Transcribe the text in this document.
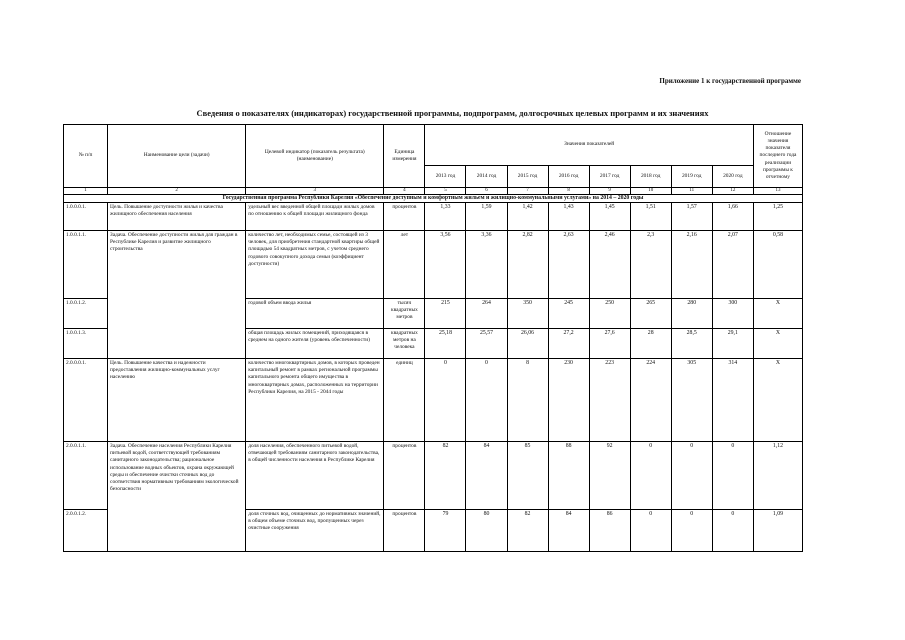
Приложение 1 к государственной программе
Сведения о показателях (индикаторах) государственной программы, подпрограмм, долгосрочных целевых программ и их значениях
№ п/п	Наименование цели (задачи)	Целевой индикатор (показатель результата) (наименование)	Единица измерения	Значения показателей								Отношение значения показателя последнего года реализации программы к отчетному
				2013 год	2014 год	2015 год	2016 год	2017 год	2018 год	2019 год	2020 год	
1	2	3	4	5	6	7	8	9	10	11	12	13
Государственная программа Республики Карелия «Обеспечение доступным и комфортным жильем и жилищно-коммунальными услугами» на 2014 – 2020 годы												
1.0.0.0.1.	Цель. Повышение доступности жилья и качества жилищного обеспечения населения	удельный вес введенной общей площади жилых домов по отношению к общей площади жилищного фонда	процентов	1,33	1,59	1,42	1,43	1,45	1,51	1,57	1,66	1,25
1.0.0.1.1.	Задача. Обеспечение доступности жилья для граждан в Республике Карелия и развитие жилищного строительства	количество лет, необходимых семье, состоящей из 3 человек, для приобретения стандартной квартиры общей площадью 54 квадратных метров, с учетом среднего годового совокупного дохода семьи (коэффициент доступности)	лет	3,56	3,36	2,82	2,63	2,46	2,3	2,16	2,07	0,58
1.0.0.1.2.		годовой объем ввода жилья	тысяч квадратных метров	215	264	350	245	250	265	280	300	X
1.0.0.1.3.		общая площадь жилых помещений, приходящаяся в среднем на одного жителя (уровень обеспеченности)	квадратных метров на человека	25,18	25,57	26,06	27,2	27,6	28	28,5	29,1	X
2.0.0.0.1.	Цель. Повышение качества и надежности предоставления жилищно-коммунальных услуг населению	количество многоквартирных домов, в которых проведен капитальный ремонт в рамках региональной программы капитального ремонта общего имущества в многоквартирных домах, расположенных на территории Республики Карелия, на 2015 - 2044 годы	единиц	0	0	8	230	223	224	305	314	X
2.0.0.1.1.	Задача. Обеспечение населения Республики Карелия питьевой водой, соответствующей требованиям санитарного законодательства; рациональное использование водных объектов, охрана окружающей среды и обеспечение очистки сточных вод до соответствия нормативным требованиям экологической безопасности	доля населения, обеспеченного питьевой водой, отвечающей требованиям санитарного законодательства, в общей численности населения в Республике Карелия	процентов	82	84	85	88	92	0	0	0	1,12
2.0.0.1.2.		доля сточных вод, очищенных до нормативных значений, в общем объеме сточных вод, пропущенных через очистные сооружения	процентов	79	80	82	84	86	0	0	0	1,09
